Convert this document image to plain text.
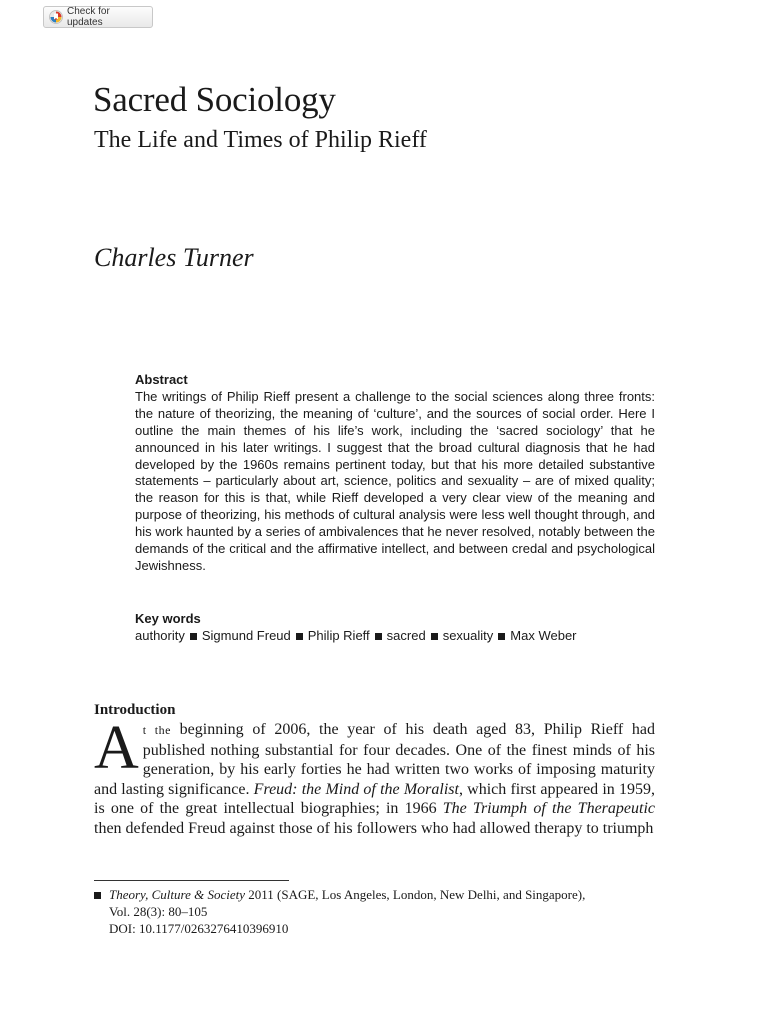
Check for updates
Sacred Sociology
The Life and Times of Philip Rieff

Charles Turner

Abstract

The writings of Philip Rieff present a challenge to the social sciences along three fronts: the nature of theorizing, the meaning of ‘culture’, and the sources of social order. Here I outline the main themes of his life’s work, including the ‘sacred sociology’ that he announced in his later writings. I suggest that the broad cultural diagnosis that he had developed by the 1960s remains pertinent today, but that his more detailed substantive statements – particularly about art, science, politics and sexuality – are of mixed quality; the reason for this is that, while Rieff developed a very clear view of the meaning and purpose of theorizing, his methods of cultural analysis were less well thought through, and his work haunted by a series of ambivalences that he never resolved, notably between the demands of the critical and the affirmative intellect, and between credal and psychological Jewishness.

Key words
authority Sigmund Freud Philip Rieff sacred sexuality Max Weber
Introduction

At the beginning of 2006, the year of his death aged 83, Philip Rieff had published nothing substantial for four decades. One of the finest minds of his generation, by his early forties he had written two works of imposing maturity and lasting significance. Freud: the Mind of the Moralist, which first appeared in 1959, is one of the great intellectual biographies; in 1966 The Triumph of the Therapeutic then defended Freud against those of his followers who had allowed therapy to triumph

Theory, Culture & Society 2011 (SAGE, Los Angeles, London, New Delhi, and Singapore),
Vol. 28(3): 80–105
DOI: 10.1177/0263276410396910
